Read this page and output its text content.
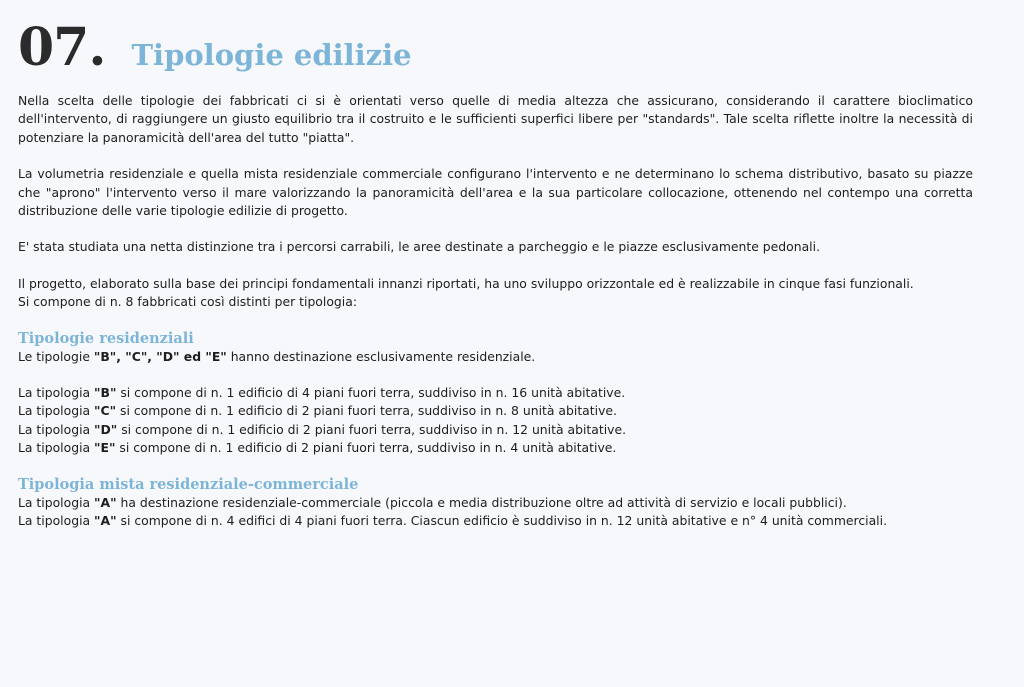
07. Tipologie edilizie

Nella scelta delle tipologie dei fabbricati ci si è orientati verso quelle di media altezza che assicurano, considerando il carattere bioclimatico dell'intervento, di raggiungere un giusto equilibrio tra il costruito e le sufficienti superfici libere per "standards". Tale scelta riflette inoltre la necessità di potenziare la panoramicità dell'area del tutto "piatta".

La volumetria residenziale e quella mista residenziale commerciale configurano l'intervento e ne determinano lo schema distributivo, basato su piazze che "aprono" l'intervento verso il mare valorizzando la panoramicità dell'area e la sua particolare collocazione, ottenendo nel contempo una corretta distribuzione delle varie tipologie edilizie di progetto.

E' stata studiata una netta distinzione tra i percorsi carrabili, le aree destinate a parcheggio e le piazze esclusivamente pedonali.

Il progetto, elaborato sulla base dei principi fondamentali innanzi riportati, ha uno sviluppo orizzontale ed è realizzabile in cinque fasi funzionali.

Si compone di n. 8 fabbricati così distinti per tipologia:

Tipologie residenziali

Le tipologie "B", "C", "D" ed "E" hanno destinazione esclusivamente residenziale.

La tipologia "B" si compone di n. 1 edificio di 4 piani fuori terra, suddiviso in n. 16 unità abitative.

La tipologia "C" si compone di n. 1 edificio di 2 piani fuori terra, suddiviso in n. 8 unità abitative.

La tipologia "D" si compone di n. 1 edificio di 2 piani fuori terra, suddiviso in n. 12 unità abitative.

La tipologia "E" si compone di n. 1 edificio di 2 piani fuori terra, suddiviso in n. 4 unità abitative.

Tipologia mista residenziale-commerciale

La tipologia "A" ha destinazione residenziale-commerciale (piccola e media distribuzione oltre ad attività di servizio e locali pubblici).

La tipologia "A" si compone di n. 4 edifici di 4 piani fuori terra. Ciascun edificio è suddiviso in n. 12 unità abitative e n° 4 unità commerciali.
